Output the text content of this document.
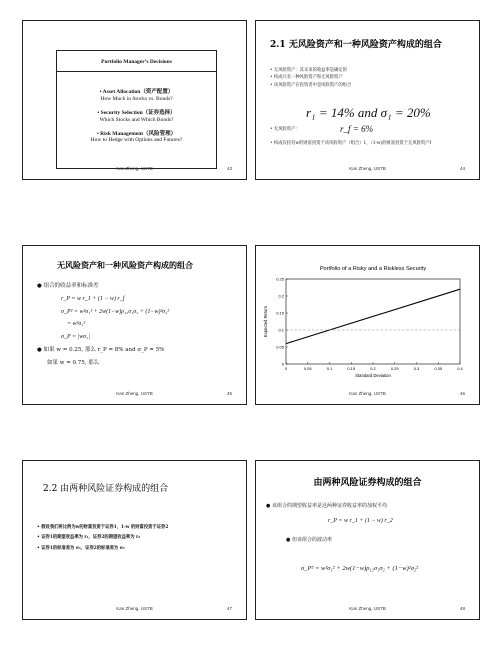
Portfolio Manager’s Decisions
• Asset Allocation（资产配置）
How Much in Stocks vs. Bonds?
• Security Selection（证券选择）
Which Stocks and Which Bonds?
• Risk Management（风险管理）
How to Hedge with Options and Futures?
Kan Zheng, USTB	43
2.1 无风险资产和一种风险资产构成的组合
• 无风险资产：其未来的收益率是确定的
• 构成只有一种风险资产和无风险资产
• 该风险资产在投资者中是风险资产的组合
r₁ = 14% and σ₁ = 20%
• 无风险资产：	r_f = 6%
• 构成仅持有w的财富投资于该风险资产（组合）1，（1-w)的财富投资于无风险资产f
Kan Zheng, USTB	44
无风险资产和一种风险资产构成的组合
● 组合的收益率和标准差
r_P = w r_1 + (1 − w) r_f
σ_P² = w²σ₁² + 2w(1−w)ρ₁₂σ₁σ₂ + (1−w)²σ₂²
= w²σ₁²
σ_P = |wσ₁|
● 如果 w = 0.25, 那么 r_P = 8% and σ_P = 5%
如果 w = 0.75, 那么
Kan Zheng, USTB	45
Portfolio of a Risky and a Riskless Security
0	0.05	0.1	0.15	0.2	0.25	0.3	0.35	0.4
0
0.05
0.1
0.15
0.2
0.25
Standard Deviation
Expected Return
Kan Zheng, USTB	46
2.2 由两种风险证券构成的组合
• 假设我们将比例为w的财富投资于证券1，1-w 的财富投资于证券2
• 证券1的期望收益率为 r₁，证券2的期望收益率为 r₂
• 证券1的标准差为 σ₁，证券2的标准差为 σ₂
Kan Zheng, USTB	47
由两种风险证券构成的组合
● 该组合的期望收益率是这两种证券收益率的加权平均
r_P = w r_1 + (1 − w) r_2
● 但该组合的波动率
σ_P² = w²σ₁² + 2w(1−w)ρ₁₂σ₁σ₂ + (1−w)²σ₂²
Kan Zheng, USTB	48
